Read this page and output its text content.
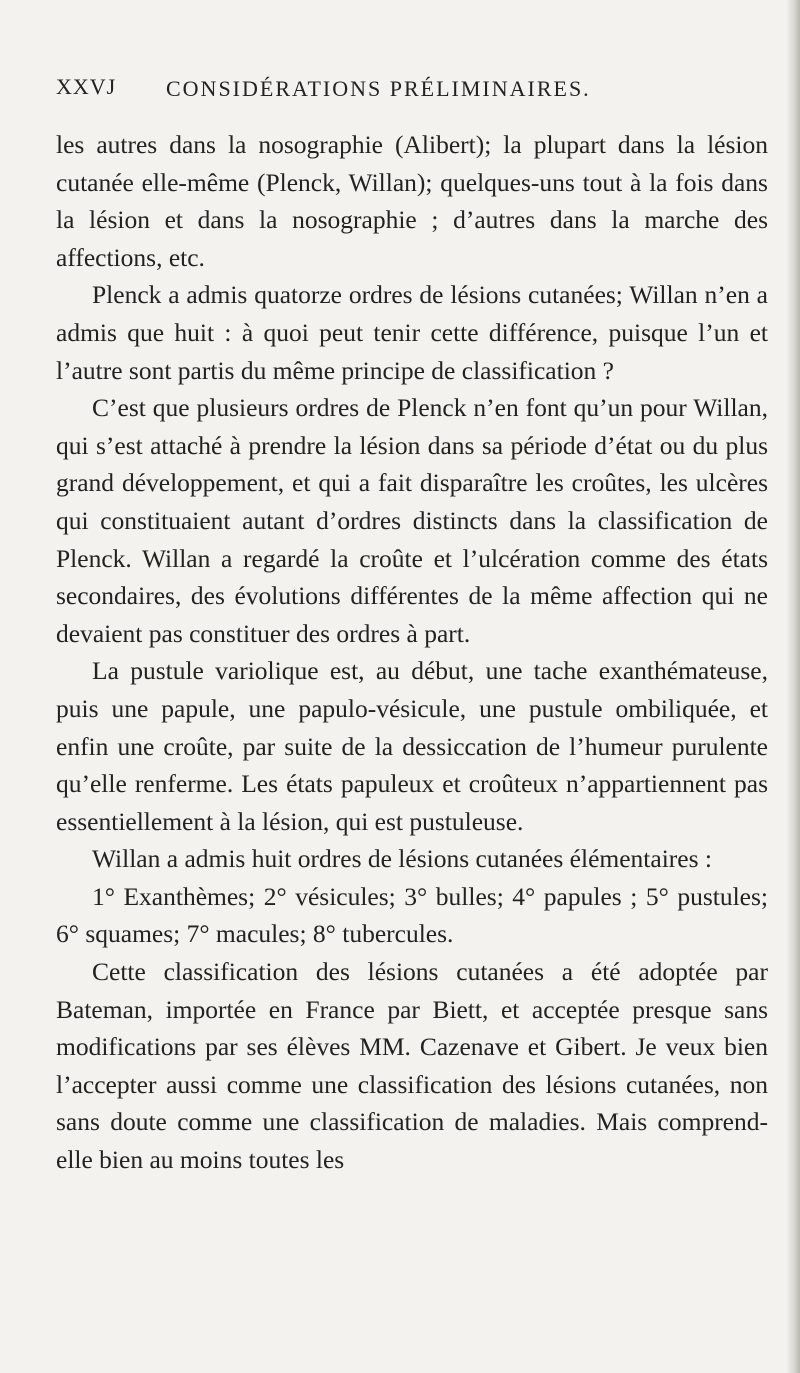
XXVJ CONSIDÉRATIONS PRÉLIMINAIRES.

les autres dans la nosographie (Alibert); la plupart dans la lésion cutanée elle-même (Plenck, Willan); quelques-uns tout à la fois dans la lésion et dans la nosographie ; d’autres dans la marche des affections, etc.

Plenck a admis quatorze ordres de lésions cutanées; Willan n’en a admis que huit : à quoi peut tenir cette différence, puisque l’un et l’autre sont partis du même principe de classification ?

C’est que plusieurs ordres de Plenck n’en font qu’un pour Willan, qui s’est attaché à prendre la lésion dans sa période d’état ou du plus grand développement, et qui a fait disparaître les croûtes, les ulcères qui constituaient autant d’ordres distincts dans la classification de Plenck. Willan a regardé la croûte et l’ulcération comme des états secondaires, des évolutions différentes de la même affection qui ne devaient pas constituer des ordres à part.

La pustule variolique est, au début, une tache exanthémateuse, puis une papule, une papulo-vésicule, une pustule ombiliquée, et enfin une croûte, par suite de la dessiccation de l’humeur purulente qu’elle renferme. Les états papuleux et croûteux n’appartiennent pas essentiellement à la lésion, qui est pustuleuse.

Willan a admis huit ordres de lésions cutanées élémentaires :

1° Exanthèmes; 2° vésicules; 3° bulles; 4° papules ; 5° pustules; 6° squames; 7° macules; 8° tubercules.

Cette classification des lésions cutanées a été adoptée par Bateman, importée en France par Biett, et acceptée presque sans modifications par ses élèves MM. Cazenave et Gibert. Je veux bien l’accepter aussi comme une classification des lésions cutanées, non sans doute comme une classification de maladies. Mais comprend-elle bien au moins toutes les
